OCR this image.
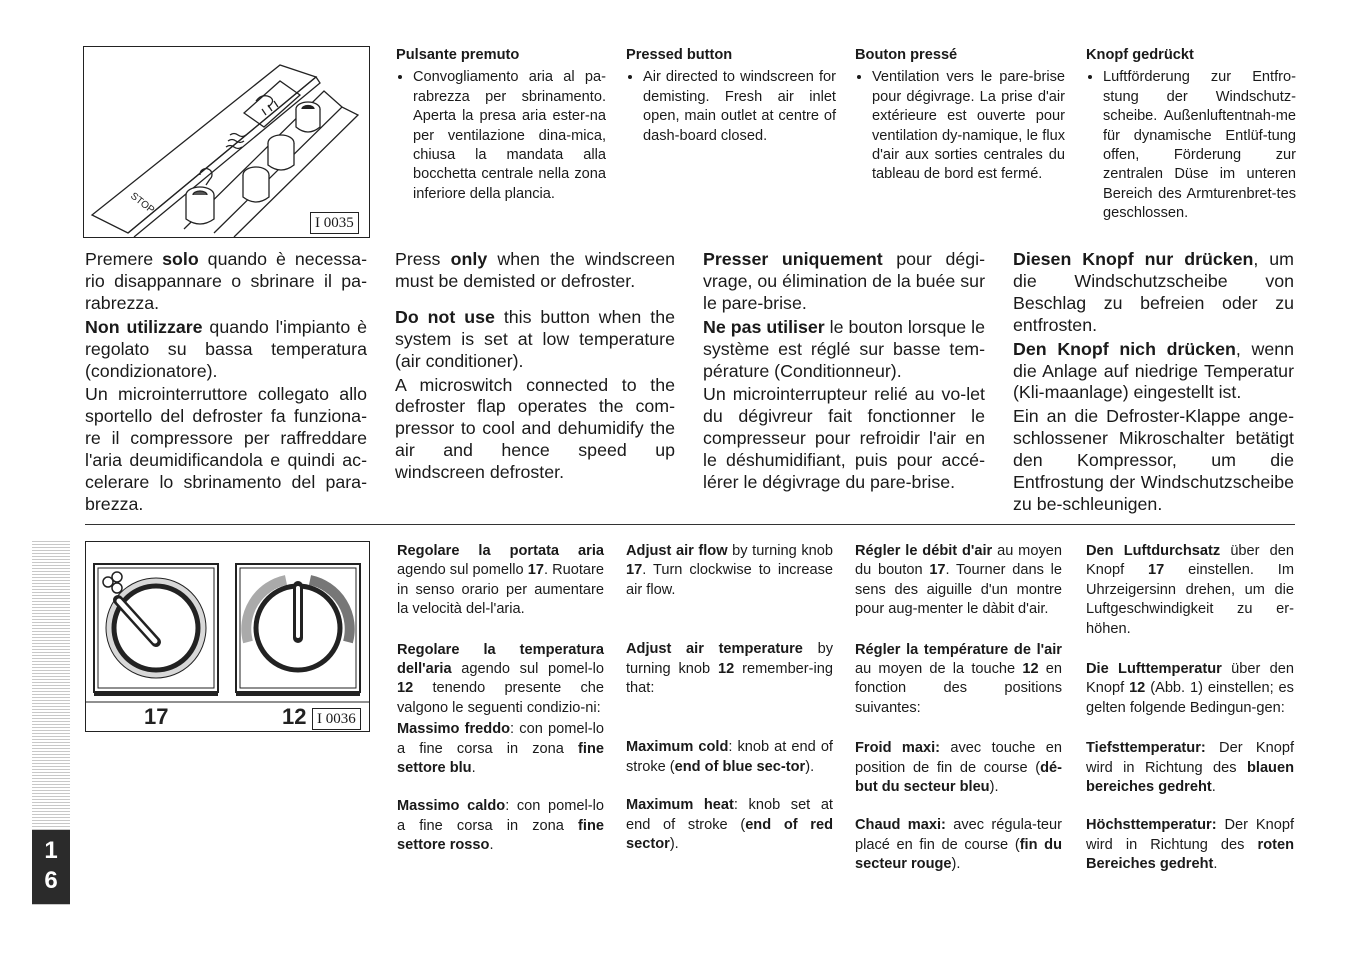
STOP
I 0035
Pulsante premuto
• Convogliamento aria al pa-rabrezza per sbrinamento. Aperta la presa aria ester-na per ventilazione dina-mica, chiusa la mandata alla bocchetta centrale nella zona inferiore della plancia.
Pressed button
• Air directed to windscreen for demisting. Fresh air inlet open, main outlet at centre of dash-board closed.
Bouton pressé
• Ventilation vers le pare-brise pour dégivrage. La prise d'air extérieure est ouverte pour ventilation dy-namique, le flux d'air aux sorties centrales du tableau de bord est fermé.
Knopf gedrückt
• Luftförderung zur Entfro-stung der Windschutz-scheibe. Außenluftentnah-me für dynamische Entlüf-tung offen, Förderung zur zentralen Düse im unteren Bereich des Armturenbret-tes geschlossen.

Premere solo quando è necessa-rio disappannare o sbrinare il pa-rabrezza.

Non utilizzare quando l'impianto è regolato su bassa temperatura (condizionatore).

Un microinterruttore collegato allo sportello del defroster fa funziona-re il compressore per raffreddare l'aria deumidificandola e quindi ac-celerare lo sbrinamento del para-brezza.

Press only when the windscreen must be demisted or defroster.

Do not use this button when the system is set at low temperature (air conditioner).

A microswitch connected to the defroster flap operates the com-pressor to cool and dehumidify the air and hence speed up windscreen defroster.

Presser uniquement pour dégi-vrage, ou élimination de la buée sur le pare-brise.

Ne pas utiliser le bouton lorsque le système est réglé sur basse tem-pérature (Conditionneur).

Un microinterrupteur relié au vo-let du dégivreur fait fonctionner le compresseur pour refroidir l'air en le déshumidifiant, puis pour accé-lérer le dégivrage du pare-brise.

Diesen Knopf nur drücken, um die Windschutzscheibe von Beschlag zu befreien oder zu entfrosten.

Den Knopf nich drücken, wenn die Anlage auf niedrige Temperatur (Kli-maanlage) eingestellt ist.

Ein an die Defroster-Klappe ange-schlossener Mikroschalter betätigt den Kompressor, um die Entfrostung der Windschutzscheibe zu be-schleunigen.

17	12 I 0036

Regolare la portata aria agendo sul pomello 17. Ruotare in senso orario per aumentare la velocità del-l'aria.

Regolare la temperatura dell'aria agendo sul pomel-lo 12 tenendo presente che valgono le seguenti condizio-ni:

Massimo freddo: con pomel-lo a fine corsa in zona fine settore blu.

Massimo caldo: con pomel-lo a fine corsa in zona fine settore rosso.

Adjust air flow by turning knob 17. Turn clockwise to increase air flow.

Adjust air temperature by turning knob 12 remember-ing that:

Maximum cold: knob at end of stroke (end of blue sec-tor).

Maximum heat: knob set at end of stroke (end of red sector).

Régler le débit d'air au moyen du bouton 17. Tourner dans le sens des aiguille d'un montre pour aug-menter le dàbit d'air.

Régler la température de l'air au moyen de la touche 12 en fonction des positions suivantes:

Froid maxi: avec touche en position de fin de course (dé-but du secteur bleu).

Chaud maxi: avec régula-teur placé en fin de course (fin du secteur rouge).

Den Luftdurchsatz über den Knopf 17 einstellen. Im Uhrzeigersinn drehen, um die Luftgeschwindigkeit zu er-höhen.

Die Lufttemperatur über den Knopf 12 (Abb. 1) einstellen; es gelten folgende Bedingun-gen:

Tiefsttemperatur: Der Knopf wird in Richtung des blauen bereiches gedreht.

Höchsttemperatur: Der Knopf wird in Richtung des roten Bereiches gedreht.

1
6
